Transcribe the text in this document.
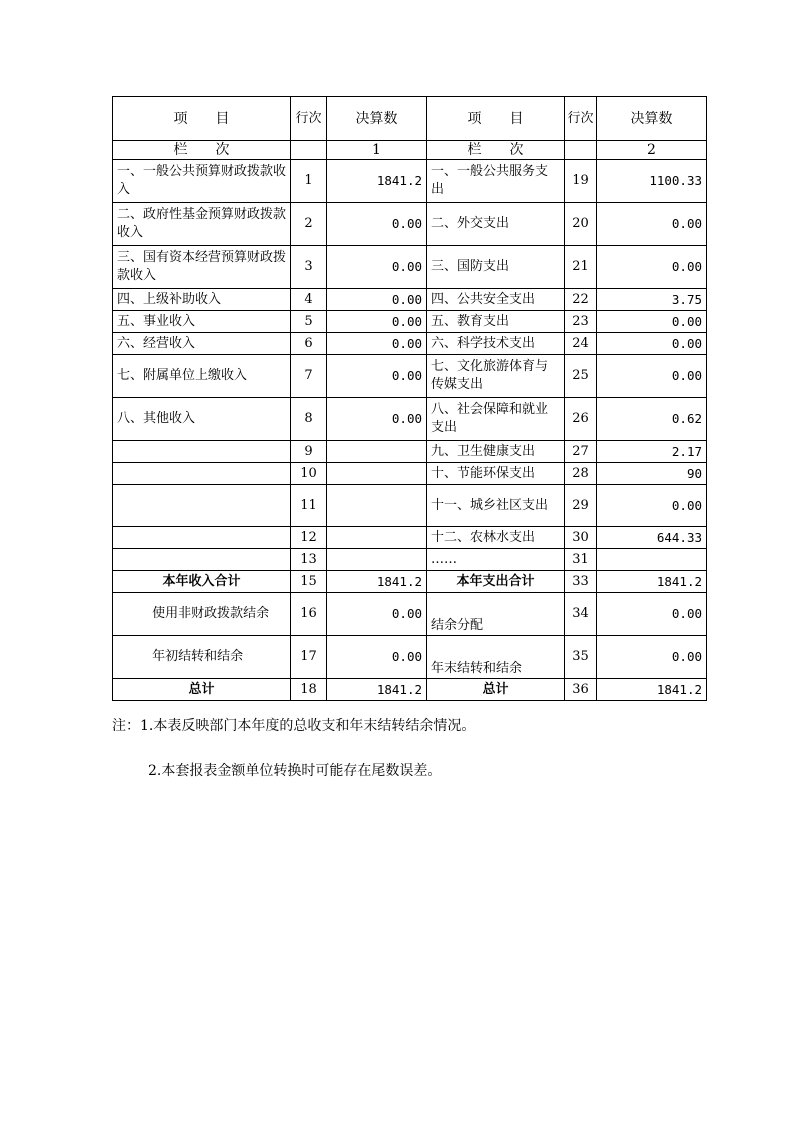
项　　目	行次	决算数	项　　目	行次	决算数
栏　　次		1	栏　　次		2
一、一般公共预算财政拨款收入	1	1841.2	一、一般公共服务支出	19	1100.33
二、政府性基金预算财政拨款收入	2	0.00	二、外交支出	20	0.00
三、国有资本经营预算财政拨款收入	3	0.00	三、国防支出	21	0.00
四、上级补助收入	4	0.00	四、公共安全支出	22	3.75
五、事业收入	5	0.00	五、教育支出	23	0.00
六、经营收入	6	0.00	六、科学技术支出	24	0.00
七、附属单位上缴收入	7	0.00	七、文化旅游体育与传媒支出	25	0.00
八、其他收入	8	0.00	八、社会保障和就业支出	26	0.62
	9		九、卫生健康支出	27	2.17
	10		十、节能环保支出	28	90
	11		十一、城乡社区支出	29	0.00
	12		十二、农林水支出	30	644.33
	13		……	31	
本年收入合计	15	1841.2	本年支出合计	33	1841.2
使用非财政拨款结余	16	0.00	结余分配	34	0.00
年初结转和结余	17	0.00	年末结转和结余	35	0.00
总计	18	1841.2	总计	36	1841.2
注：1.本表反映部门本年度的总收支和年末结转结余情况。
2.本套报表金额单位转换时可能存在尾数误差。
